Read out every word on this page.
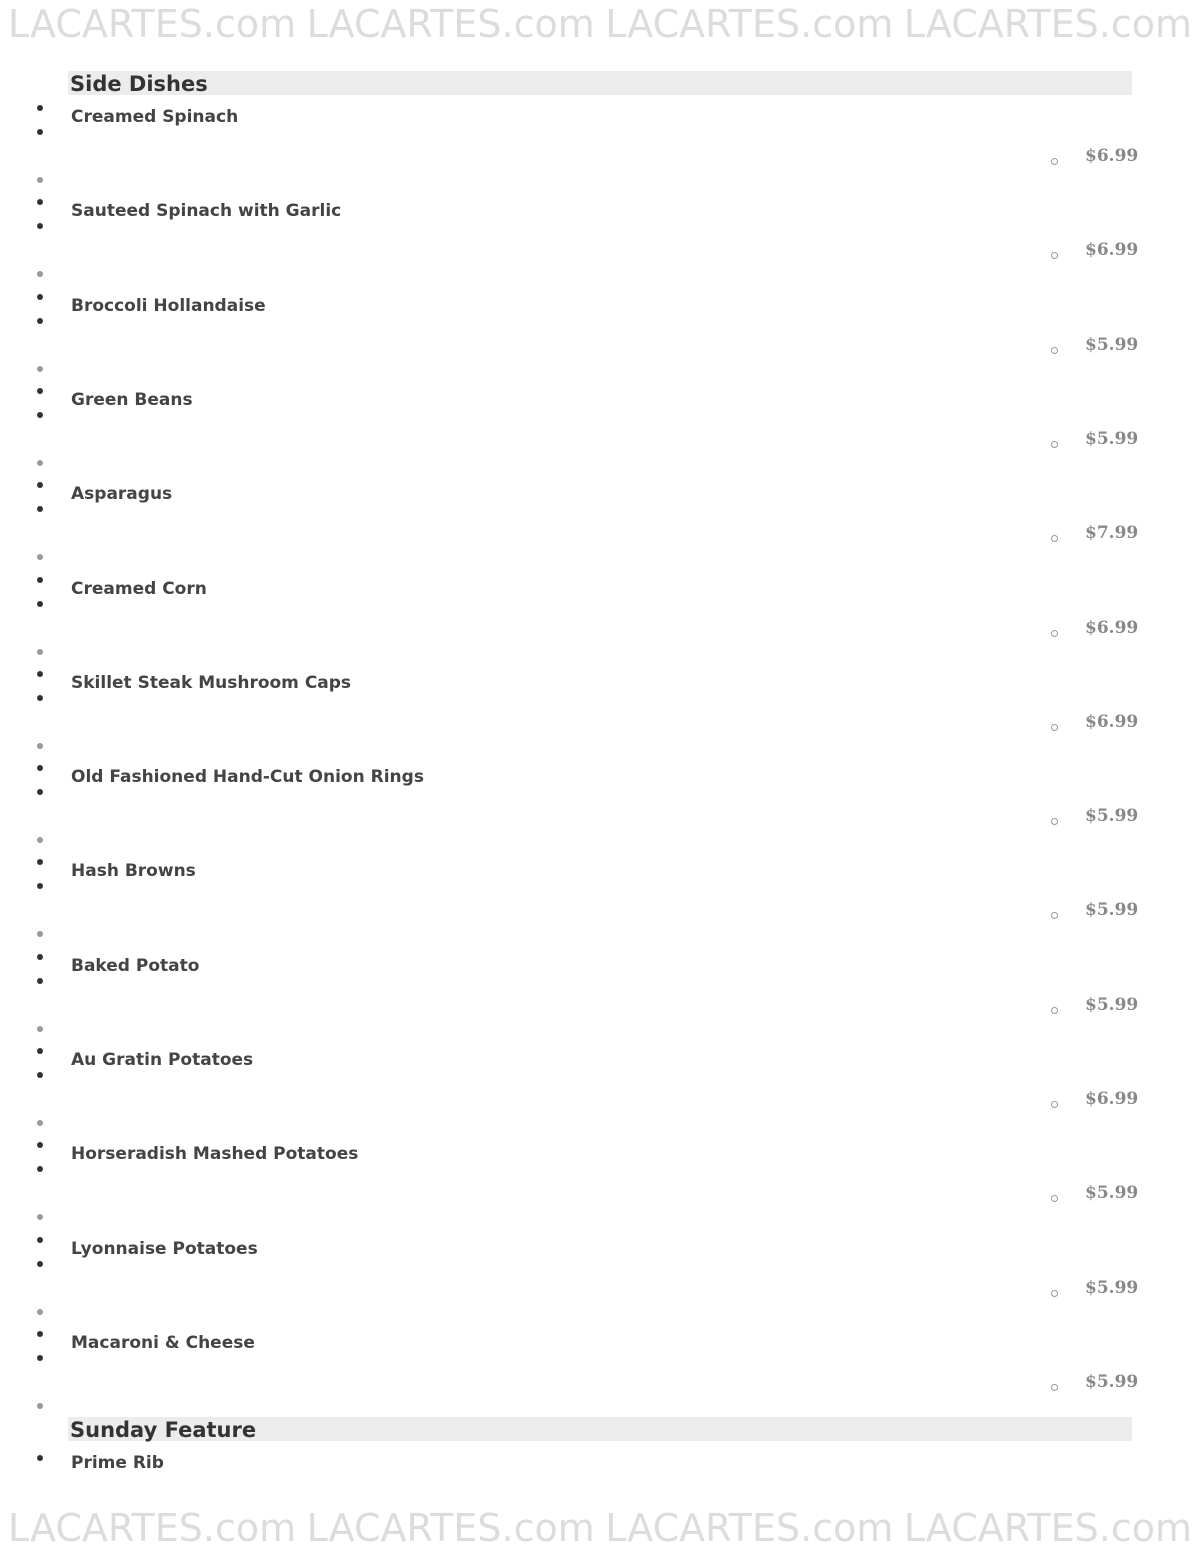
LACARTES.com LACARTES.com LACARTES.com LACARTES.com
Side Dishes
Creamed Spinach
$6.99
Sauteed Spinach with Garlic
$6.99
Broccoli Hollandaise
$5.99
Green Beans
$5.99
Asparagus
$7.99
Creamed Corn
$6.99
Skillet Steak Mushroom Caps
$6.99
Old Fashioned Hand-Cut Onion Rings
$5.99
Hash Browns
$5.99
Baked Potato
$5.99
Au Gratin Potatoes
$6.99
Horseradish Mashed Potatoes
$5.99
Lyonnaise Potatoes
$5.99
Macaroni & Cheese
$5.99
Sunday Feature
Prime Rib
LACARTES.com LACARTES.com LACARTES.com LACARTES.com
